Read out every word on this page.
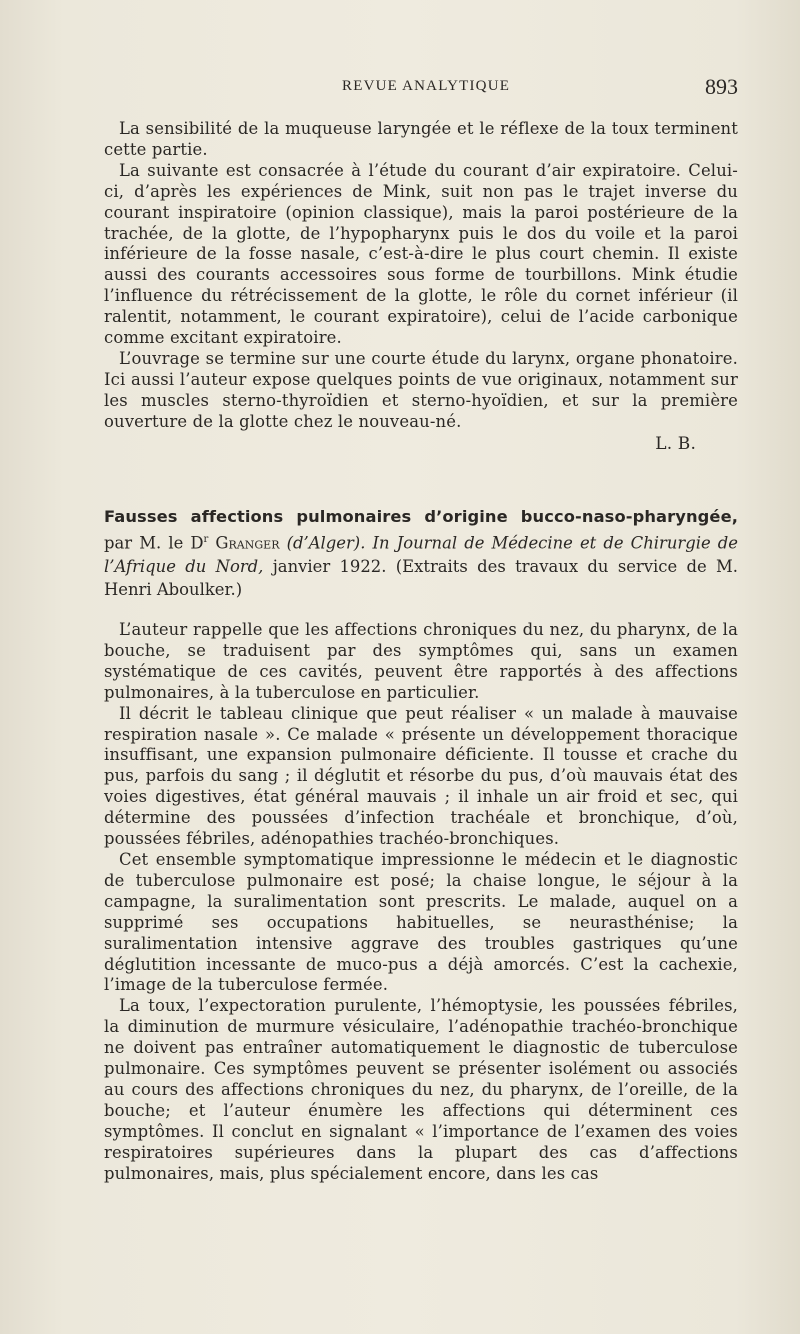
REVUE ANALYTIQUE	893

La sensibilité de la muqueuse laryngée et le réflexe de la toux terminent cette partie.

La suivante est consacrée à l’étude du courant d’air expiratoire. Celui-ci, d’après les expériences de Mink, suit non pas le trajet inverse du courant inspiratoire (opinion classique), mais la paroi postérieure de la trachée, de la glotte, de l’hypopharynx puis le dos du voile et la paroi inférieure de la fosse nasale, c’est-à-dire le plus court chemin. Il existe aussi des courants accessoires sous forme de tourbillons. Mink étudie l’influence du rétrécissement de la glotte, le rôle du cornet inférieur (il ralentit, notamment, le courant expiratoire), celui de l’acide carbonique comme excitant expiratoire.

L’ouvrage se termine sur une courte étude du larynx, organe phonatoire. Ici aussi l’auteur expose quelques points de vue originaux, notamment sur les muscles sterno-thyroïdien et sterno-hyoïdien, et sur la première ouverture de la glotte chez le nouveau-né.

L. B.

Fausses affections pulmonaires d’origine bucco-naso-pharyngée, par M. le $D^r$ Granger (d’Alger). In Journal de Médecine et de Chirurgie de l’Afrique du Nord, janvier 1922. (Extraits des travaux du service de M. Henri Aboulker.)

L’auteur rappelle que les affections chroniques du nez, du pharynx, de la bouche, se traduisent par des symptômes qui, sans un examen systématique de ces cavités, peuvent être rapportés à des affections pulmonaires, à la tuberculose en particulier.

Il décrit le tableau clinique que peut réaliser « un malade à mauvaise respiration nasale ». Ce malade « présente un développement thoracique insuffisant, une expansion pulmonaire déficiente. Il tousse et crache du pus, parfois du sang ; il déglutit et résorbe du pus, d’où mauvais état des voies digestives, état général mauvais ; il inhale un air froid et sec, qui détermine des poussées d’infection trachéale et bronchique, d’où, poussées fébriles, adénopathies trachéo-bronchiques.

Cet ensemble symptomatique impressionne le médecin et le diagnostic de tuberculose pulmonaire est posé; la chaise longue, le séjour à la campagne, la suralimentation sont prescrits. Le malade, auquel on a supprimé ses occupations habituelles, se neurasthénise; la suralimentation intensive aggrave des troubles gastriques qu’une déglutition incessante de muco-pus a déjà amorcés. C’est la cachexie, l’image de la tuberculose fermée.

La toux, l’expectoration purulente, l’hémoptysie, les poussées fébriles, la diminution de murmure vésiculaire, l’adénopathie trachéo-bronchique ne doivent pas entraîner automatiquement le diagnostic de tuberculose pulmonaire. Ces symptômes peuvent se présenter isolément ou associés au cours des affections chroniques du nez, du pharynx, de l’oreille, de la bouche; et l’auteur énumère les affections qui déterminent ces symptômes. Il conclut en signalant « l’importance de l’examen des voies respiratoires supérieures dans la plupart des cas d’affections pulmonaires, mais, plus spécialement encore, dans les cas
